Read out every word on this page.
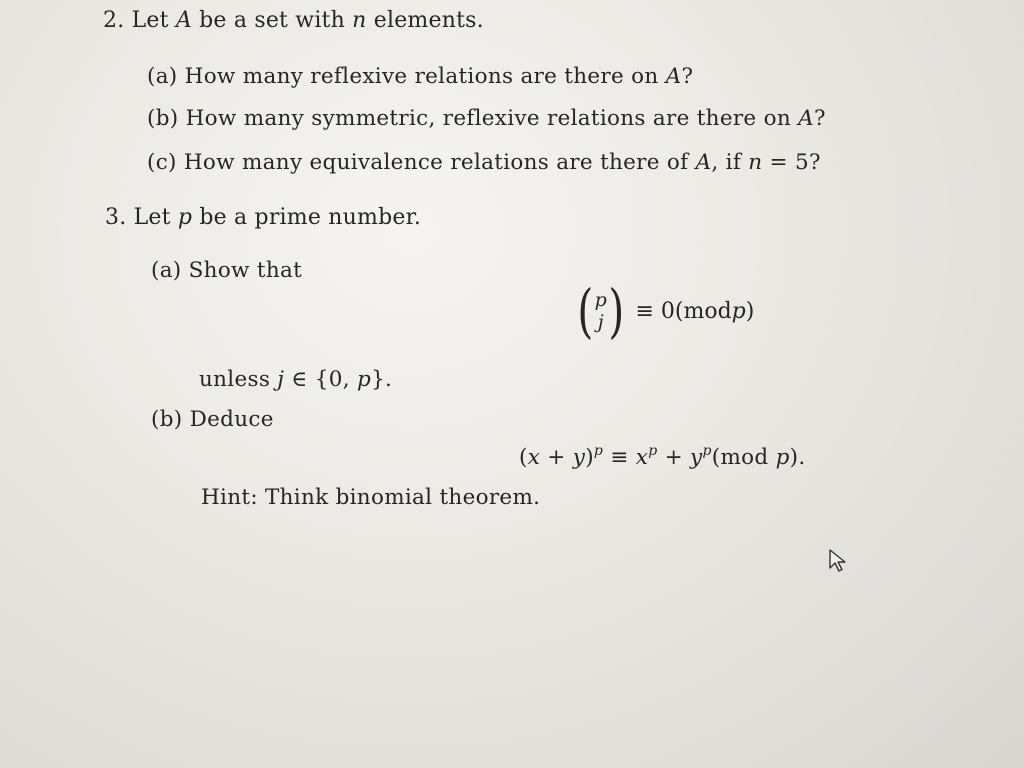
2. Let A be a set with n elements.
(a) How many reflexive relations are there on A?
(b) How many symmetric, reflexive relations are there on A?
(c) How many equivalence relations are there of A, if n = 5?
3. Let p be a prime number.
(a) Show that
( p
j ) ≡ 0(mod p )
unless j ∈ {0, p}.
(b) Deduce
$(x + y)^p \equiv x^p + y^p(mod$ p).
Hint: Think binomial theorem.
